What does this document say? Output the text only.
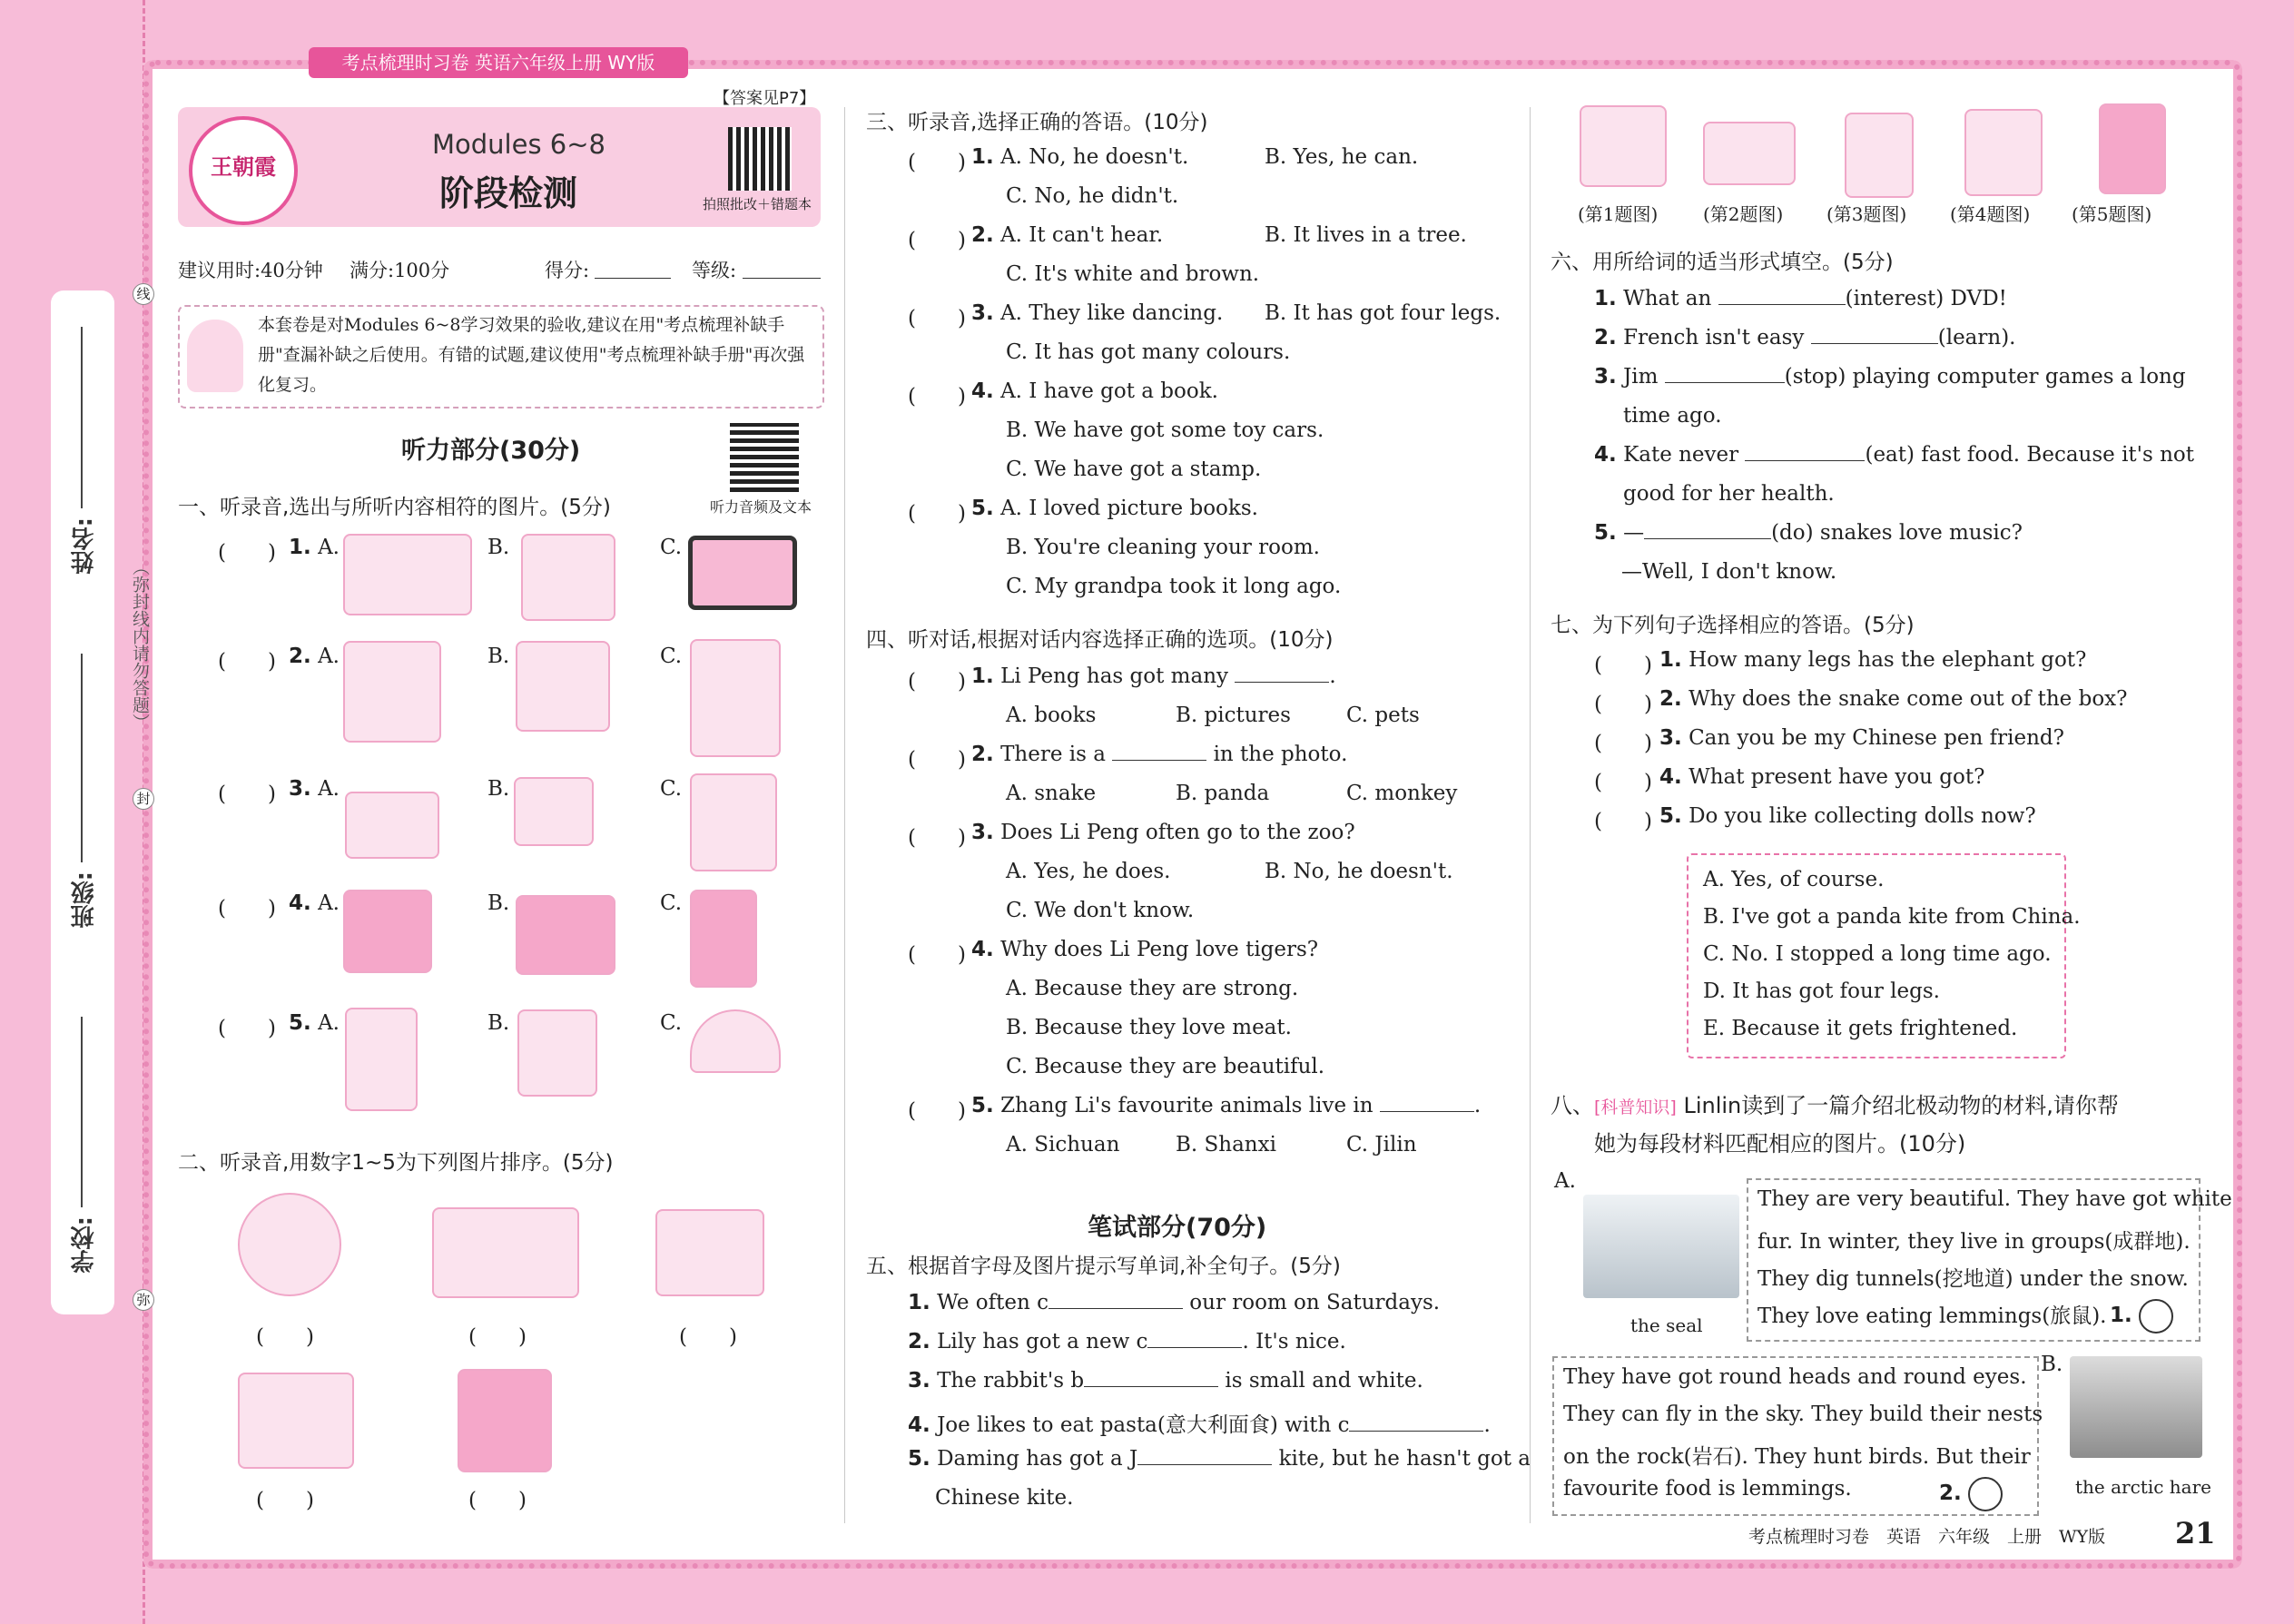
学校:
班级:
姓名:
（弥封线内请勿答题）
线
封
弥
考点梳理时习卷 英语六年级上册 WY版
王朝霞
Modules 6~8
阶段检测
【答案见P7】
拍照批改＋错题本
建议用时:40分钟 满分:100分	得分:	等级:
本套卷是对Modules 6~8学习效果的验收,建议在用"考点梳理补缺手册"查漏补缺之后使用。有错的试题,建议使用"考点梳理补缺手册"再次强化复习。
听力部分(30分)
听力音频及文本
一、听录音,选出与所听内容相符的图片。(5分)
(　　) 1. A.	B.	C.
(　　) 2. A.	B.	C.
(　　) 3. A.	B.	C.
(　　) 4. A.	B.	C.
(　　) 5. A.	B.	C.
二、听录音,用数字1~5为下列图片排序。(5分)
(　　)	(　　)	(　　)
(　　)	(　　)
三、听录音,选择正确的答语。(10分)
(　　) 1. A. No, he doesn't.	B. Yes, he can.
C. No, he didn't.
(　　) 2. A. It can't hear.	B. It lives in a tree.
C. It's white and brown.
(　　) 3. A. They like dancing. B. It has got four legs.
C. It has got many colours.
(　　) 4. A. I have got a book.
B. We have got some toy cars.
C. We have got a stamp.
(　　) 5. A. I loved picture books.
B. You're cleaning your room.
C. My grandpa took it long ago.
四、听对话,根据对话内容选择正确的选项。(10分)
(　　) 1. Li Peng has got many	.
A. books	B. pictures	C. pets
(　　) 2. There is a	in the photo.
A. snake	B. panda	C. monkey
(　　) 3. Does Li Peng often go to the zoo?
A. Yes, he does.	B. No, he doesn't.
C. We don't know.
(　　) 4. Why does Li Peng love tigers?
A. Because they are strong.
B. Because they love meat.
C. Because they are beautiful.
(　　) 5. Zhang Li's favourite animals live in	.
A. Sichuan	B. Shanxi	C. Jilin
笔试部分(70分)
五、根据首字母及图片提示写单词,补全句子。(5分)
1. We often c	our room on Saturdays.
2. Lily has got a new c	. It's nice.
3. The rabbit's b	is small and white.
4. Joe likes to eat pasta(意大利面食) with c	.
5. Daming has got a J	kite, but he hasn't got a
Chinese kite.
(第1题图) (第2题图) (第3题图) (第4题图) (第5题图)
六、用所给词的适当形式填空。(5分)
1. What an	(interest) DVD!
2. French isn't easy	(learn).
3. Jim	(stop) playing computer games a long
time ago.
4. Kate never	(eat) fast food. Because it's not
good for her health.
5. —	(do) snakes love music?
—Well, I don't know.
七、为下列句子选择相应的答语。(5分)
(　　) 1. How many legs has the elephant got?
(　　) 2. Why does the snake come out of the box?
(　　) 3. Can you be my Chinese pen friend?
(　　) 4. What present have you got?
(　　) 5. Do you like collecting dolls now?
A. Yes, of course.
B. I've got a panda kite from China.
C. No. I stopped a long time ago.
D. It has got four legs.
E. Because it gets frightened.
八、[科普知识] Linlin读到了一篇介绍北极动物的材料,请你帮
她为每段材料匹配相应的图片。(10分)
A.
the seal
They are very beautiful. They have got white
fur. In winter, they live in groups(成群地).
They dig tunnels(挖地道) under the snow.
They love eating lemmings(旅鼠). 1.
They have got round heads and round eyes.
They can fly in the sky. They build their nests
on the rock(岩石). They hunt birds. But their
favourite food is lemmings.	2.
B.
the arctic hare
考点梳理时习卷　英语　六年级　上册　WY版 21
